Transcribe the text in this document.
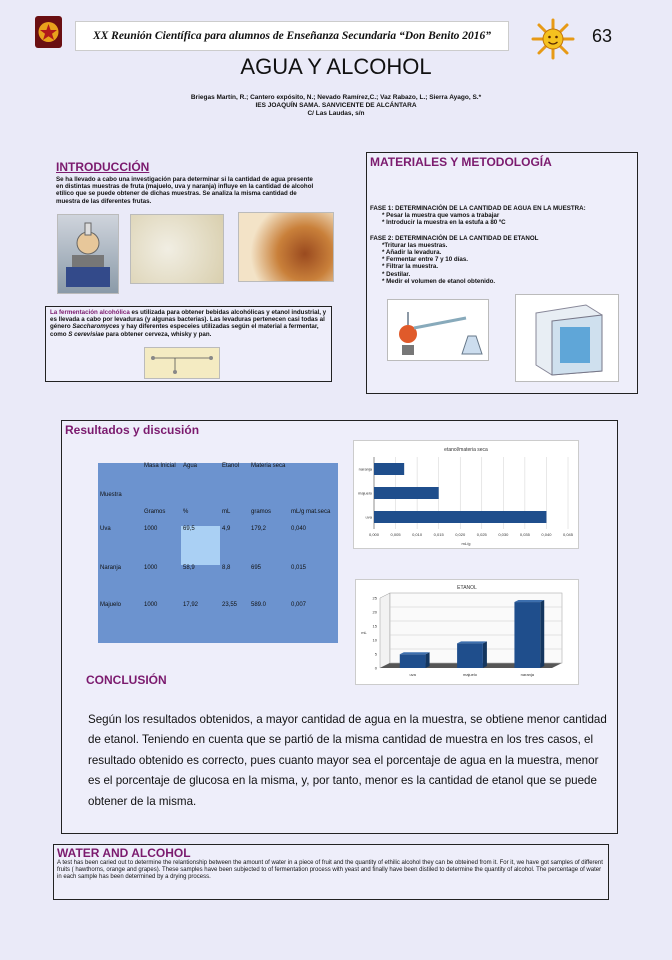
XX Reunión Científica para alumnos de Enseñanza Secundaria “Don Benito 2016”	63
AGUA Y ALCOHOL
Briegas Martín, R.; Cantero expósito, N.; Nevado Ramírez,C.; Vaz Rabazo, L.; Sierra Ayago, S.*
IES JOAQUÍN SAMA. SANVICENTE DE ALCÁNTARA
C/ Las Laudas, s/n
INTRODUCCIÓN
Se ha llevado a cabo una investigación para determinar si la cantidad de agua presente en distintas muestras de fruta (majuelo, uva y naranja) influye en la cantidad de alcohol etílico que se puede obtener de dichas muestras. Se analiza la misma cantidad de muestra de las diferentes frutas.
La fermentación alcohólica es utilizada para obtener bebidas alcohólicas y etanol industrial, y es llevada a cabo por levaduras (y algunas bacterias). Las levaduras pertenecen casi todas al género Saccharomyces y hay diferentes especeies utilizadas según el material a fermentar, como S cerevisiae para obtener cerveza, whisky y pan.
MATERIALES Y METODOLOGÍA
FASE 1: DETERMINACIÓN DE LA CANTIDAD DE AGUA EN LA MUESTRA:
* Pesar la muestra que vamos a trabajar
* Introducir la muestra en la estufa a 80 ºC
FASE 2: DETERMINACIÓN DE LA CANTIDAD DE ETANOL
*Triturar las muestras.
* Añadir la levadura.
* Fermentar entre 7 y 10 días.
* Filtrar la muestra.
* Destilar.
* Medir el volumen de etanol obtenido.
Resultados y discusión
Muestra	Masa Inicial	Agua	Etanol	Materia seca	
	Gramos	%	mL	gramos	mL/g mat.seca
Uva	1000	69,5	4,9	179,2	0,040
Naranja	1000	58,9	8,8	695	0,015
Majuelo	1000	17,92	23,55	589.0	0,007
etanol/materia seca
naranja
majuelo
uva
0,000	0,005	0,010	0,015	0,020	0,025	0,030	0,035	0,040	0,045
mL/g
ETANOL
0
5
10
15
20
25
uva	majuelo	naranja
mL
CONCLUSIÓN
Según los resultados obtenidos, a mayor cantidad de agua en la muestra, se obtiene menor cantidad de etanol. Teniendo en cuenta que se partió de la misma cantidad de muestra en los tres casos, el resultado obtenido es correcto, pues cuanto mayor sea el porcentaje de agua en la muestra, menor es el porcentaje de glucosa en la misma, y, por tanto, menor es la cantidad de etanol que se puede obtener de la misma.
WATER AND ALCOHOL
A test has been caried out to determine the relantionship between the amount of water in a piece of fruit and the quantity of ethilic alcohol they can be obteined from it. For it, we have got samples of different fruits ( hawthorns, orange and grapes). These samples have been subjected to of fermentation process with yeast and finally have been distiled to determine the quantity of alcohol. The percentage of water in each sample has been determined by a drying process.
